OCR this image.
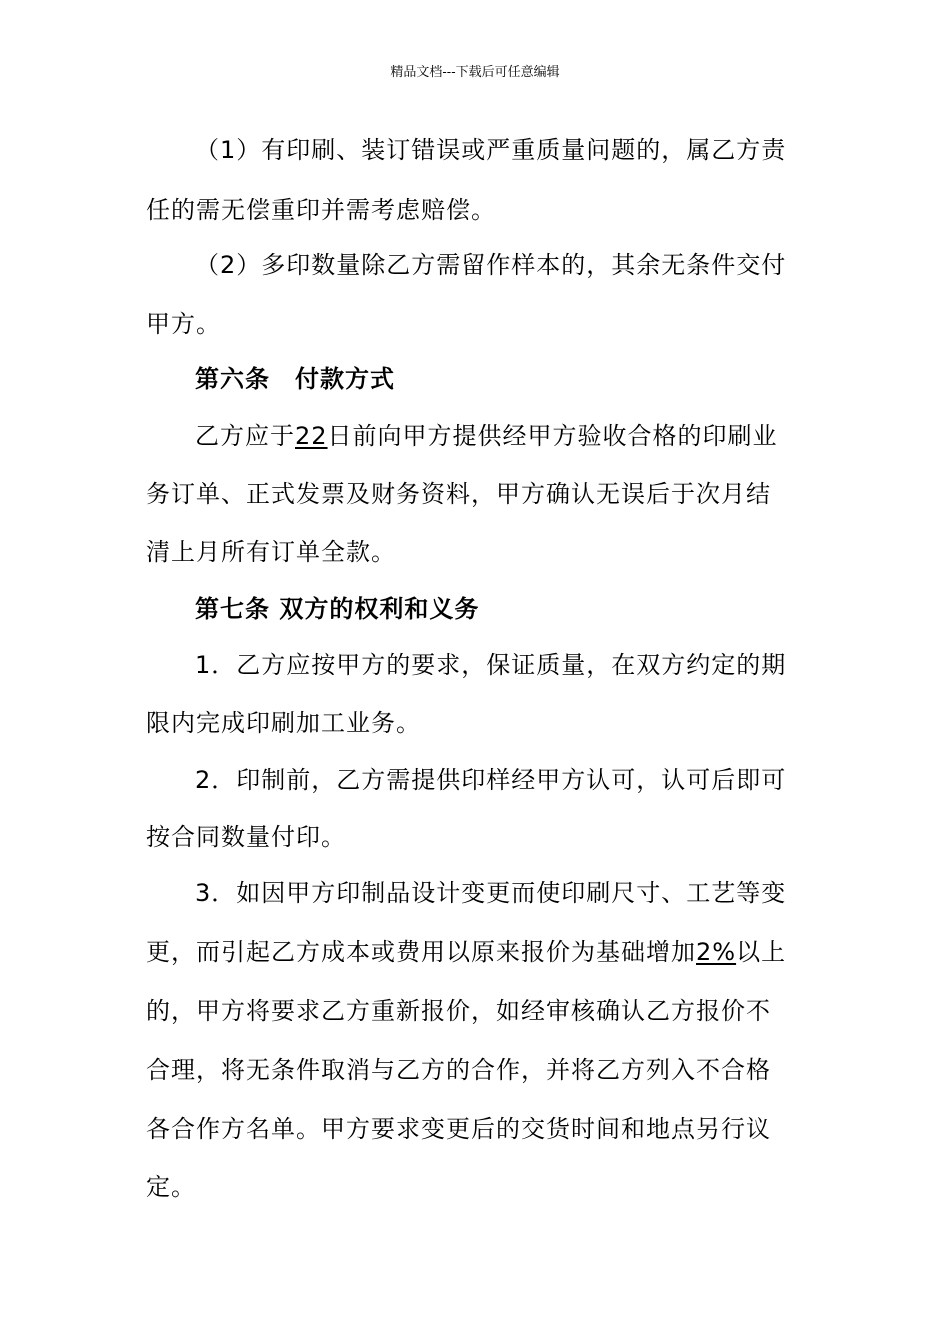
精品文档---下载后可任意编辑
（1）有印刷、装订错误或严重质量问题的，属乙方责
任的需无偿重印并需考虑赔偿。
（2）多印数量除乙方需留作样本的，其余无条件交付
甲方。
第六条　付款方式
乙方应于22日前向甲方提供经甲方验收合格的印刷业
务订单、正式发票及财务资料，甲方确认无误后于次月结
清上月所有订单全款。
第七条 双方的权利和义务
1．乙方应按甲方的要求，保证质量，在双方约定的期
限内完成印刷加工业务。
2．印制前，乙方需提供印样经甲方认可，认可后即可
按合同数量付印。
3．如因甲方印制品设计变更而使印刷尺寸、工艺等变
更，而引起乙方成本或费用以原来报价为基础增加2%以上
的，甲方将要求乙方重新报价，如经审核确认乙方报价不
合理，将无条件取消与乙方的合作，并将乙方列入不合格
各合作方名单。甲方要求变更后的交货时间和地点另行议
定。
